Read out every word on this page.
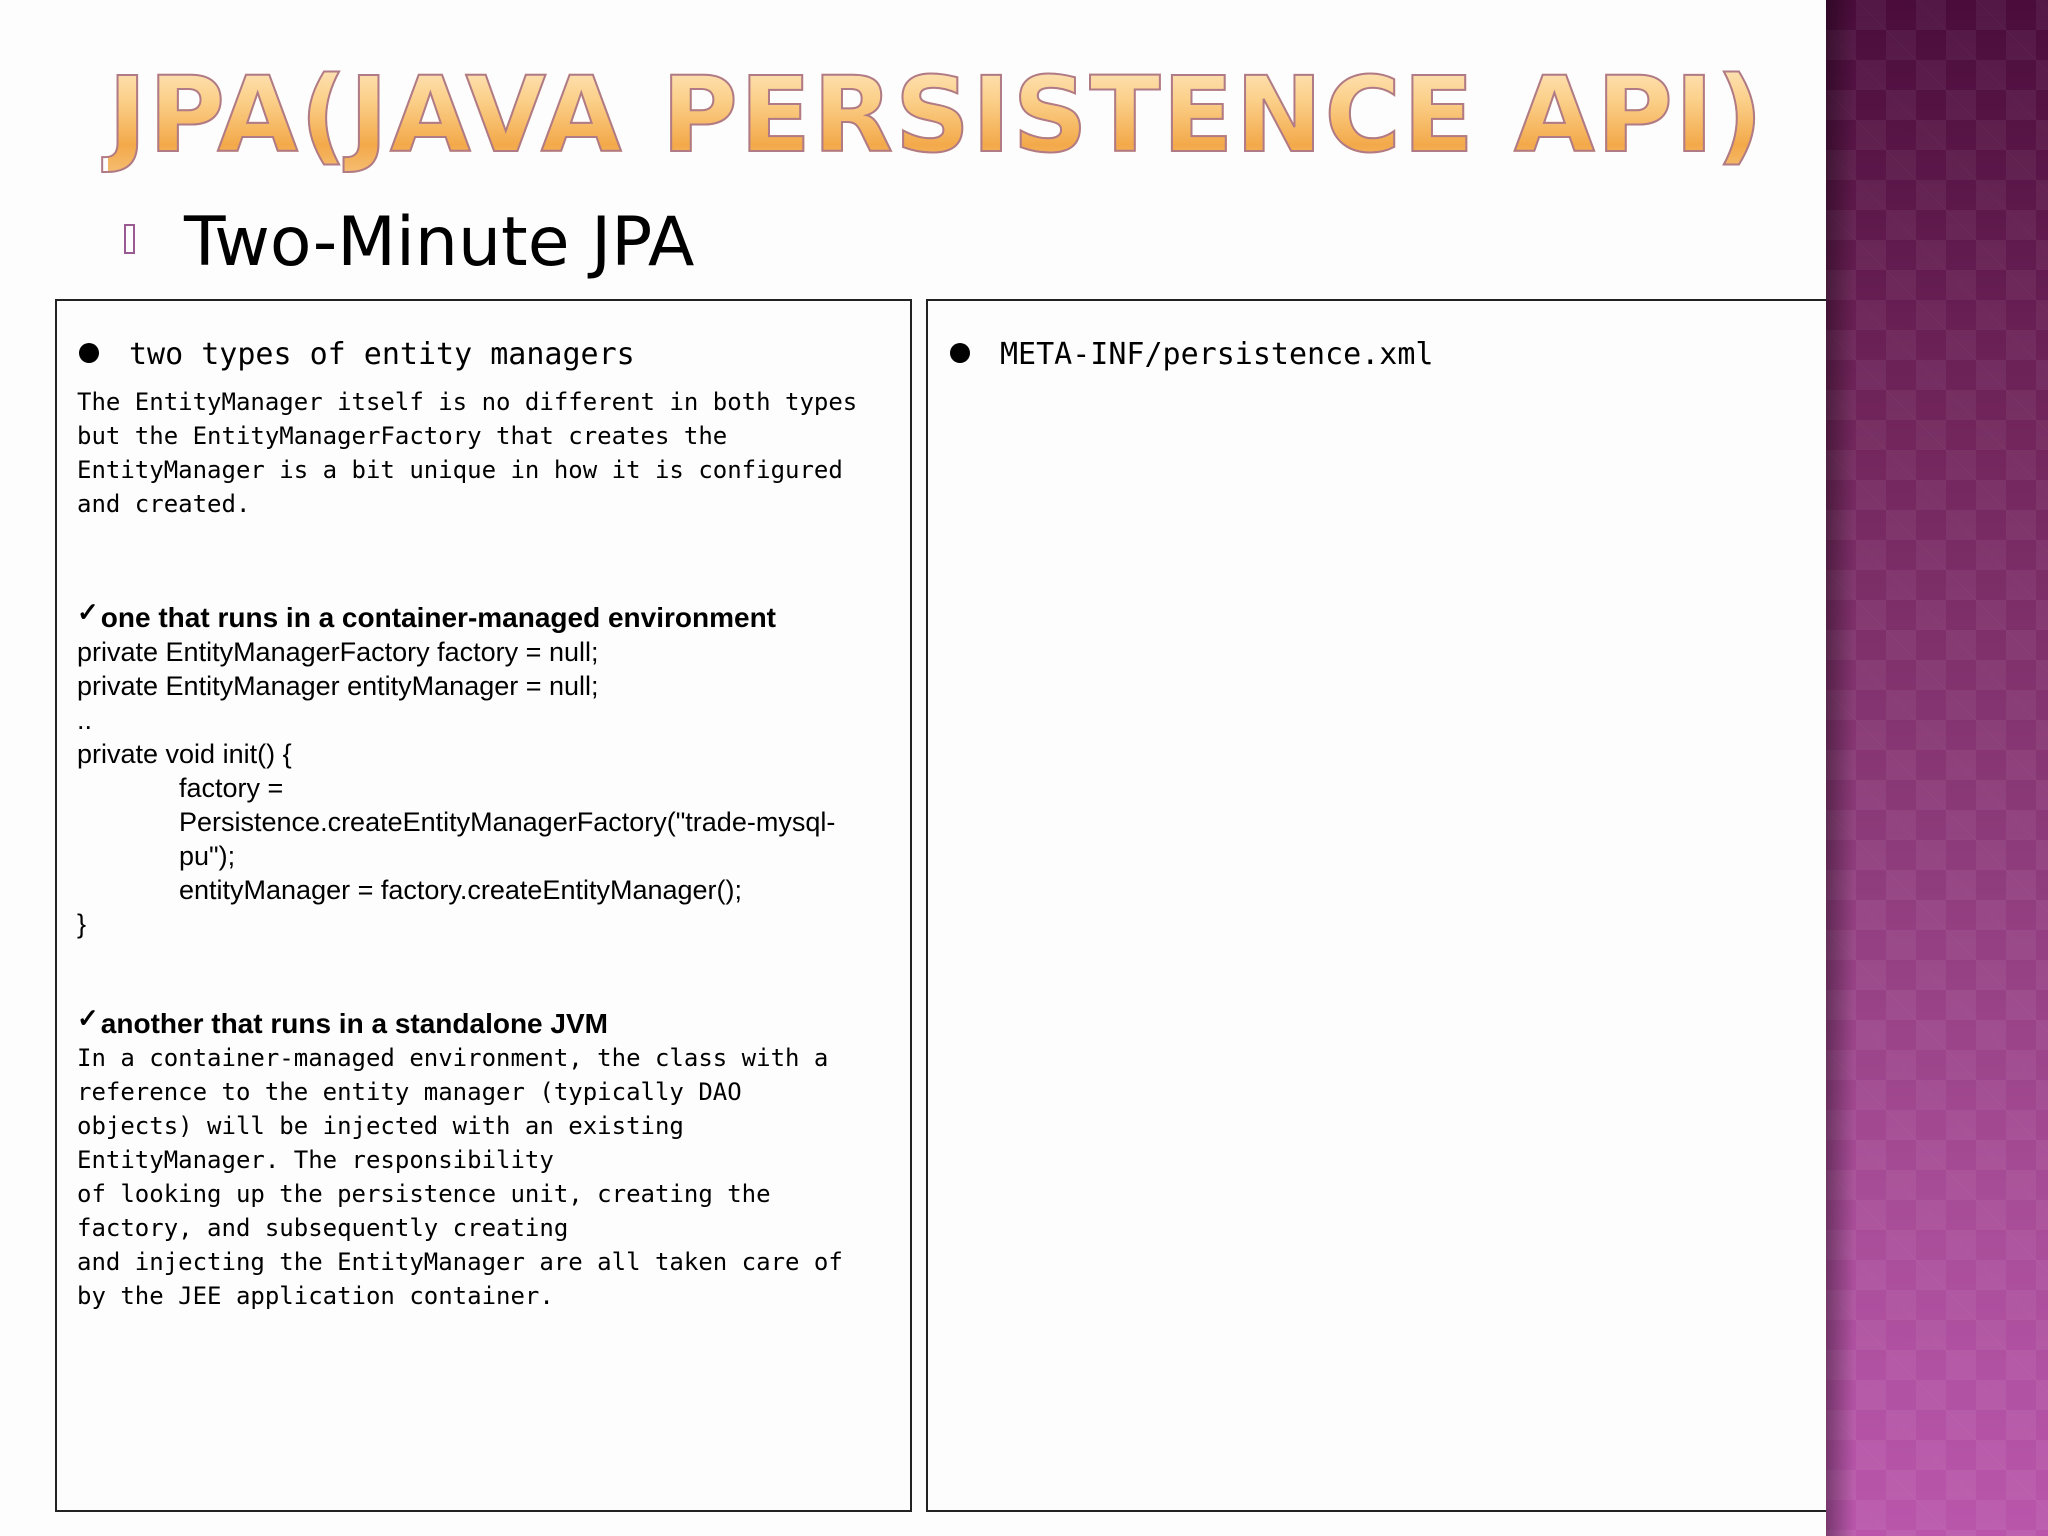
JPA(JAVA PERSISTENCE API)
Two-Minute JPA
two types of entity managers
The EntityManager itself is no different in both types
but the EntityManagerFactory that creates the
EntityManager is a bit unique in how it is configured
and created.
✓one that runs in a container-managed environment
private EntityManagerFactory factory = null;
private EntityManager entityManager = null;
..
private void init() {
factory =
Persistence.createEntityManagerFactory("trade-mysql-
pu");
entityManager = factory.createEntityManager();
}
✓another that runs in a standalone JVM
In a container-managed environment, the class with a
reference to the entity manager (typically DAO
objects) will be injected with an existing
EntityManager. The responsibility
of looking up the persistence unit, creating the
factory, and subsequently creating
and injecting the EntityManager are all taken care of
by the JEE application container.
META-INF/persistence.xml
